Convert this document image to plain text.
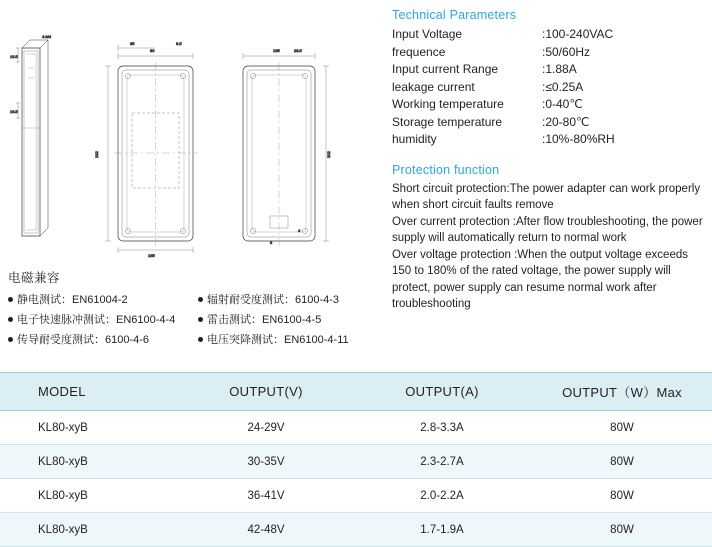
4-M4
16.5
16.5
80
35	9.5
232
135
202
28.5
5
4
165
电磁兼容
静电测试：EN61004-2	辐射耐受度测试：6100-4-3
电子快速脉冲测试：EN6100-4-4	雷击测试：EN6100-4-5
传导耐受度测试：6100-4-6	电压突降测试：EN6100-4-11
Technical Parameters
Input Voltage	:100-240VAC
frequence	:50/60Hz
Input current Range	:1.88A
leakage current	:≤0.25A
Working temperature	:0-40℃
Storage temperature	:20-80℃
humidity	:10%-80%RH
Protection function
Short circuit protection:The power adapter can work properly when short circuit faults remove
Over current protection :After flow troubleshooting, the power supply will automatically return to normal work
Over voltage protection :When the output voltage exceeds 150 to 180% of the rated voltage, the power supply will protect, power supply can resume normal work after troubleshooting
MODEL	OUTPUT(V)	OUTPUT(A)	OUTPUT（W）Max
KL80-xyB	24-29V	2.8-3.3A	80W
KL80-xyB	30-35V	2.3-2.7A	80W
KL80-xyB	36-41V	2.0-2.2A	80W
KL80-xyB	42-48V	1.7-1.9A	80W
